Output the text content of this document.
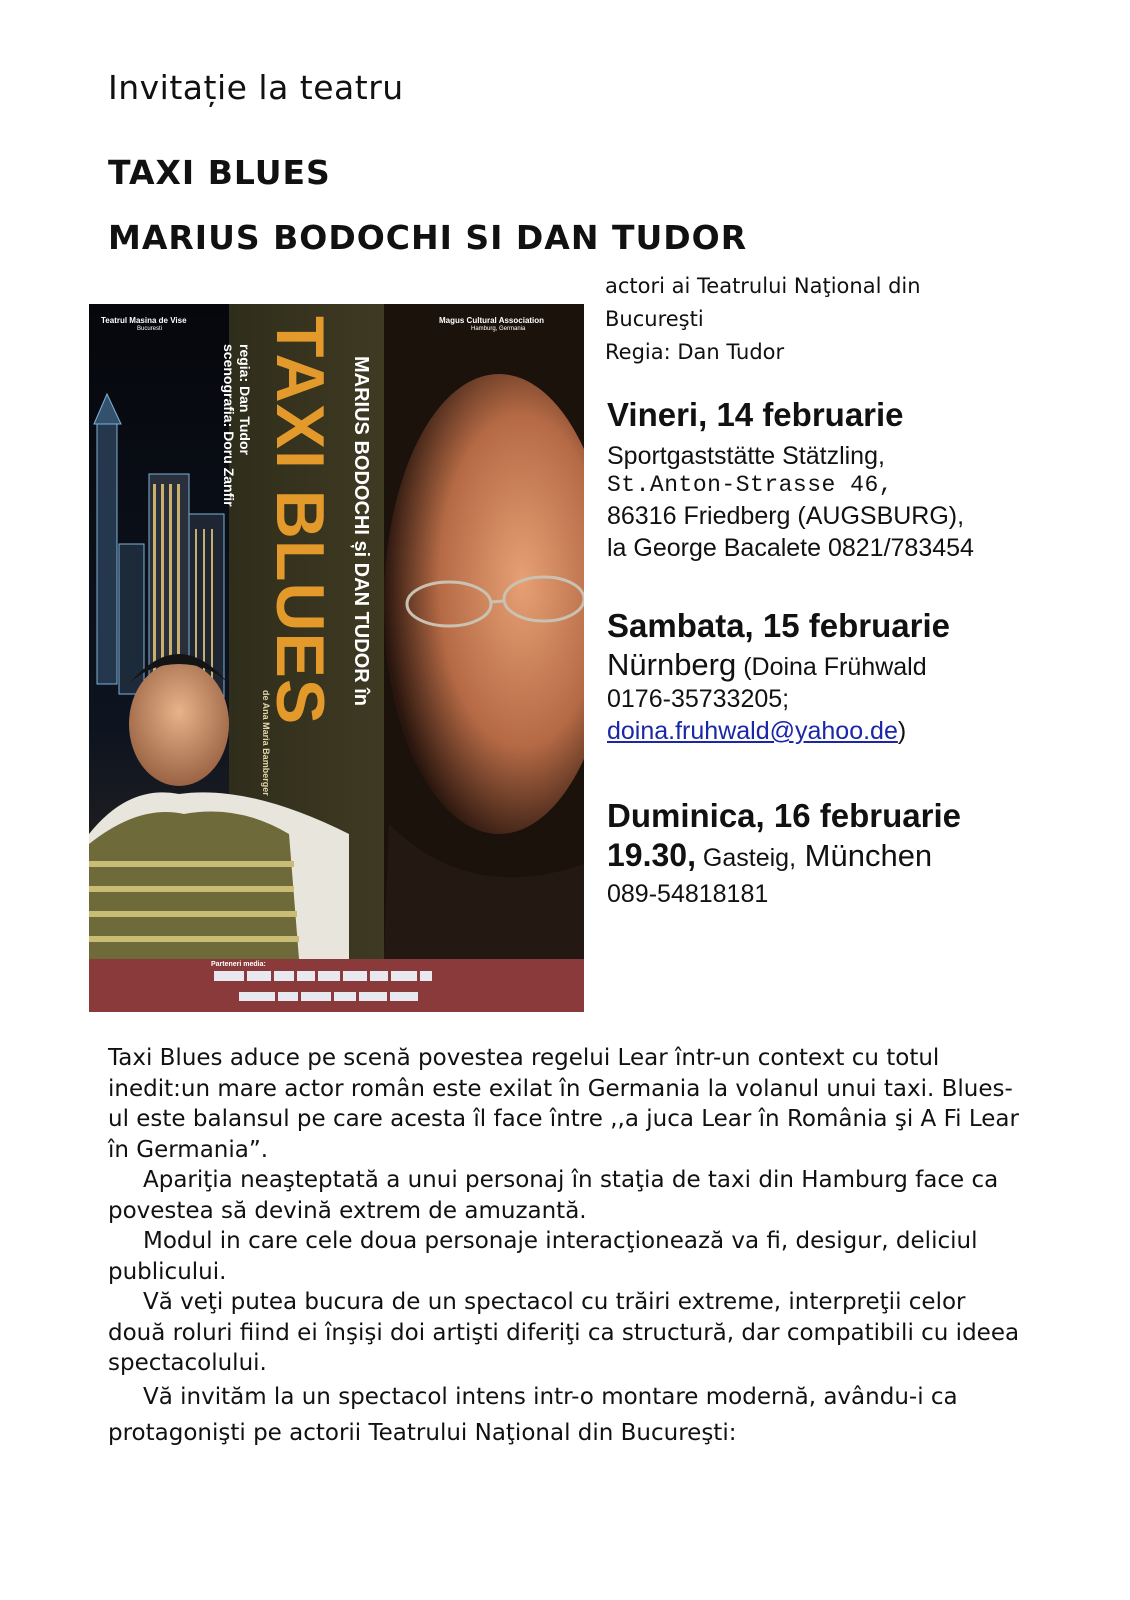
Invitație la teatru
TAXI BLUES
MARIUS BODOCHI SI DAN TUDOR
actori ai Teatrului Naţional din
Bucureşti
Regia: Dan Tudor
Vineri, 14 februarie
Sportgaststätte Stätzling,
St.Anton-Strasse 46,
86316 Friedberg (AUGSBURG),
la George Bacalete 0821/783454
Sambata, 15 februarie
Nürnberg (Doina Frühwald
0176-35733205;
doina.fruhwald@yahoo.de)
Duminica, 16 februarie
19.30, Gasteig, München
089-54818181
Teatrul Masina de Vise
Bucuresti
Magus Cultural Association
Hamburg, Germania
MARIUS BODOCHI și DAN TUDOR în
TAXI BLUES
de Ana Maria Bamberger
regia: Dan Tudor
scenografia: Doru Zanfir
Parteneri media:

Taxi Blues aduce pe scenă povestea regelui Lear într-un context cu totul inedit:un mare actor român este exilat în Germania la volanul unui taxi. Blues-ul este balansul pe care acesta îl face între ,,a juca Lear în România şi A Fi Lear în Germania”.

Apariţia neaşteptată a unui personaj în staţia de taxi din Hamburg face ca povestea să devină extrem de amuzantă.

Modul in care cele doua personaje interacţionează va fi, desigur, deliciul publicului.

Vă veţi putea bucura de un spectacol cu trăiri extreme, interpreţii celor două roluri fiind ei înşişi doi artişti diferiţi ca structură, dar compatibili cu ideea spectacolului.

Vă invităm la un spectacol intens intr-o montare modernă, avându-i ca protagonişti pe actorii Teatrului Naţional din Bucureşti:
